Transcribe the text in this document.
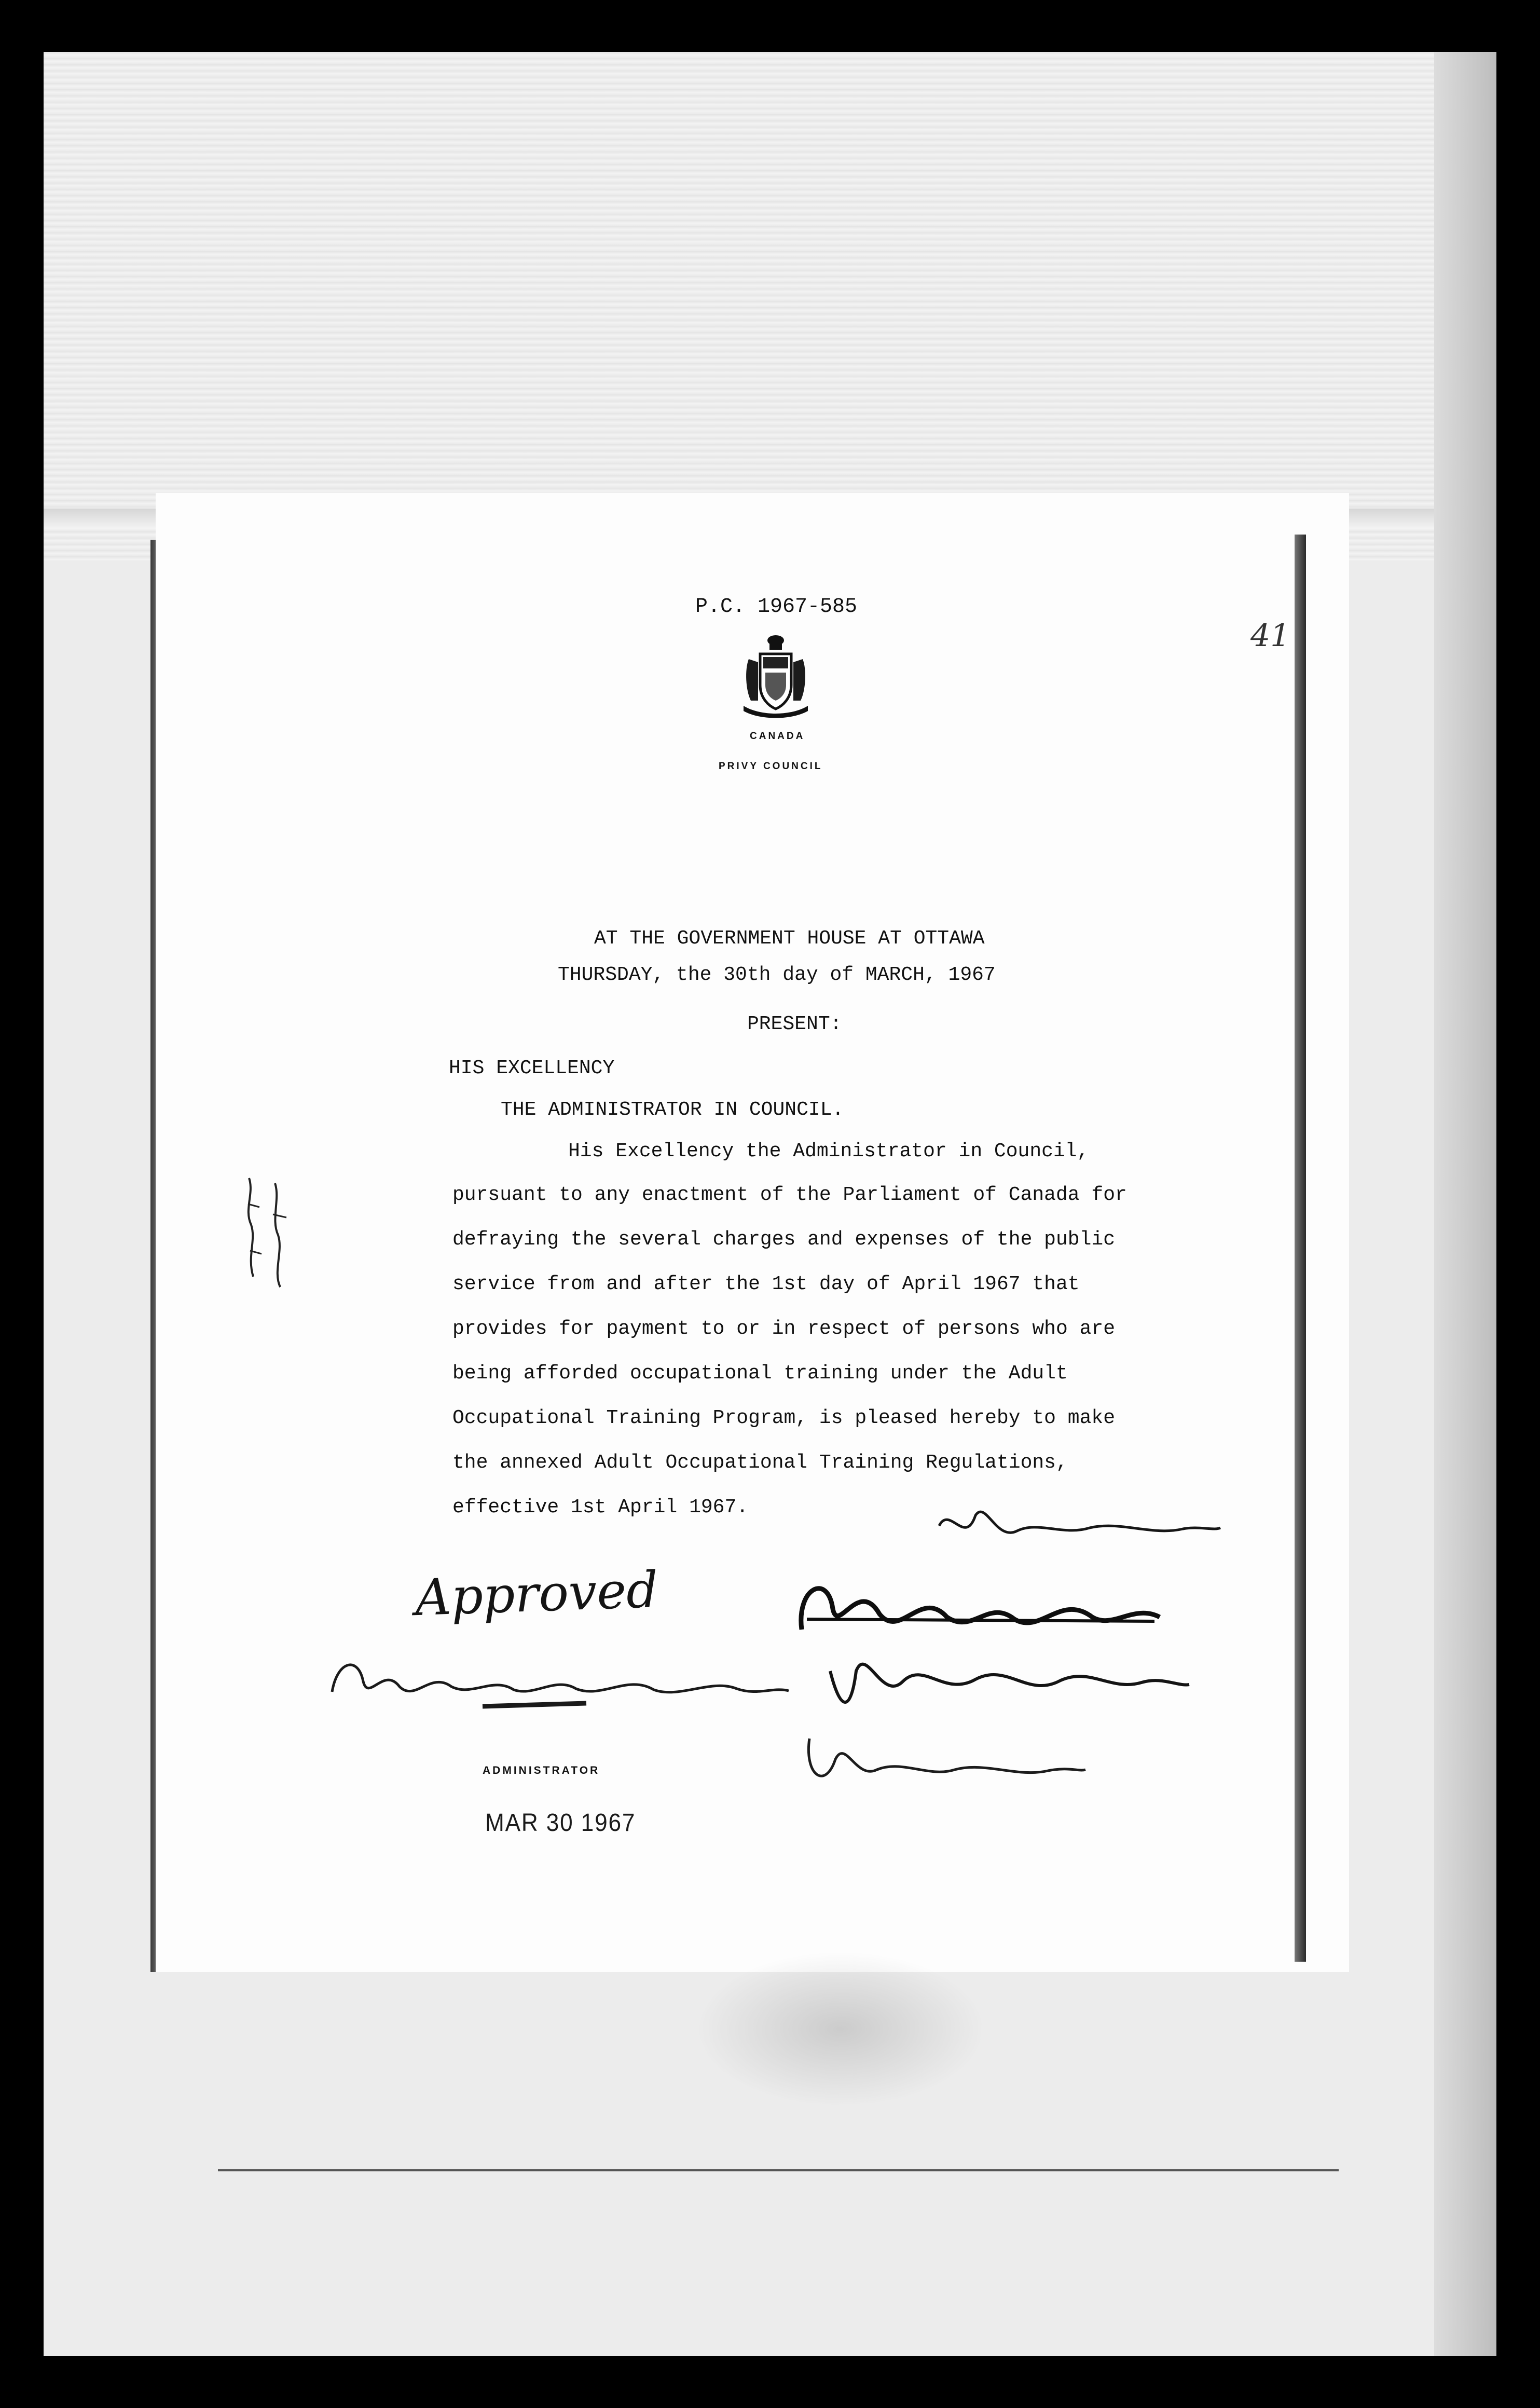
P.C. 1967-585
41
CANADA
PRIVY COUNCIL
AT THE GOVERNMENT HOUSE AT OTTAWA
THURSDAY, the 30th day of MARCH, 1967
PRESENT:
HIS EXCELLENCY
THE ADMINISTRATOR IN COUNCIL.
His Excellency the Administrator in Council,
pursuant to any enactment of the Parliament of Canada for
defraying the several charges and expenses of the public
service from and after the 1st day of April 1967 that
provides for payment to or in respect of persons who are
being afforded occupational training under the Adult
Occupational Training Program, is pleased hereby to make
the annexed Adult Occupational Training Regulations,
effective 1st April 1967.
Approved
ADMINISTRATOR
MAR 30 1967
